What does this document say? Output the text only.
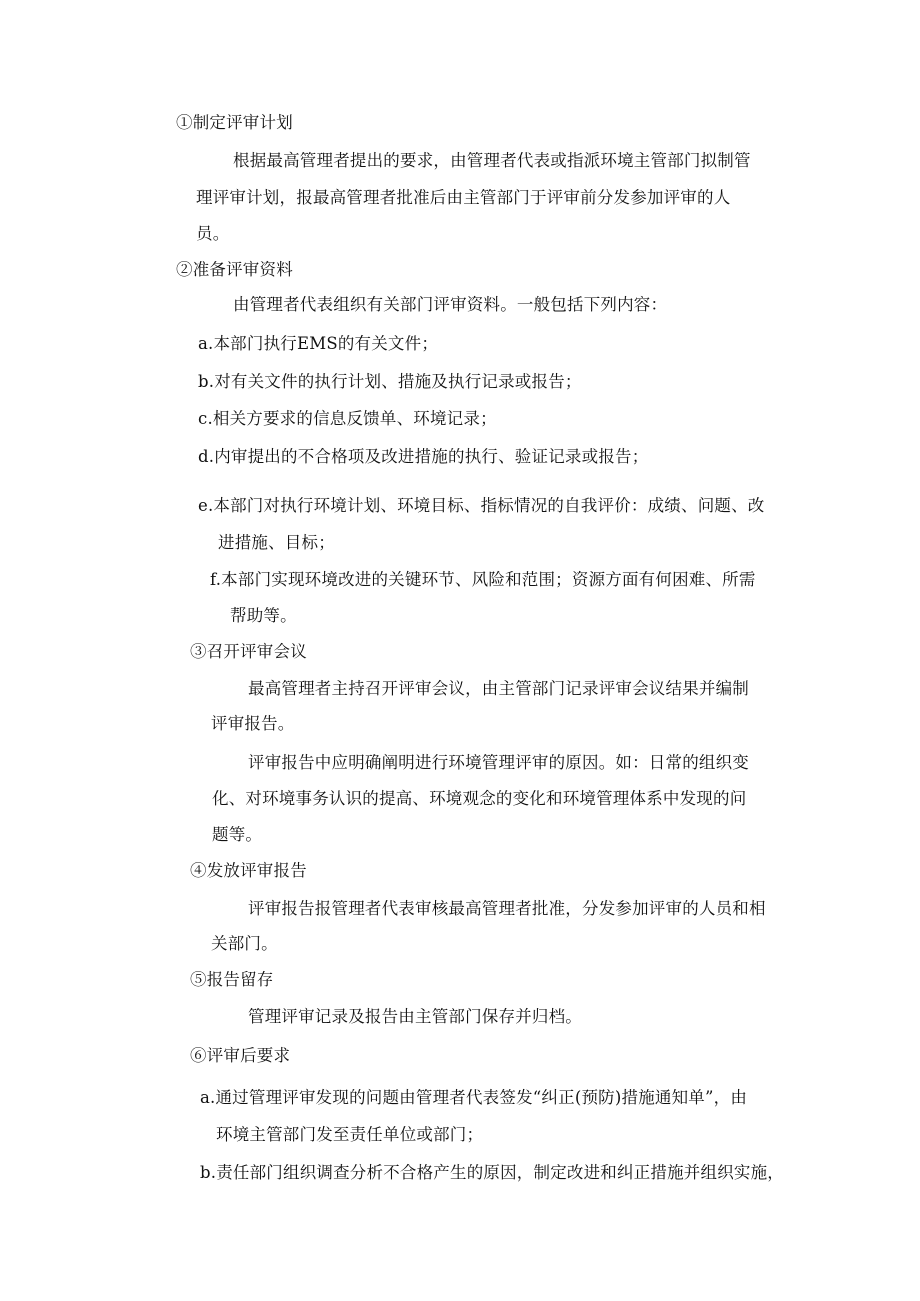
①制定评审计划
根据最高管理者提出的要求，由管理者代表或指派环境主管部门拟制管
理评审计划，报最高管理者批准后由主管部门于评审前分发参加评审的人
员。
②准备评审资料
由管理者代表组织有关部门评审资料。一般包括下列内容：
a.本部门执行EMS的有关文件；
b.对有关文件的执行计划、措施及执行记录或报告；
c.相关方要求的信息反馈单、环境记录；
d.内审提出的不合格项及改进措施的执行、验证记录或报告；
e.本部门对执行环境计划、环境目标、指标情况的自我评价：成绩、问题、改
进措施、目标；
f.本部门实现环境改进的关键环节、风险和范围；资源方面有何困难、所需
帮助等。
③召开评审会议
最高管理者主持召开评审会议，由主管部门记录评审会议结果并编制
评审报告。
评审报告中应明确阐明进行环境管理评审的原因。如：日常的组织变
化、对环境事务认识的提高、环境观念的变化和环境管理体系中发现的问
题等。
④发放评审报告
评审报告报管理者代表审核最高管理者批准，分发参加评审的人员和相
关部门。
⑤报告留存
管理评审记录及报告由主管部门保存并归档。
⑥评审后要求
a.通过管理评审发现的问题由管理者代表签发“纠正(预防)措施通知单”，由
环境主管部门发至责任单位或部门；
b.责任部门组织调查分析不合格产生的原因，制定改进和纠正措施并组织实施，
